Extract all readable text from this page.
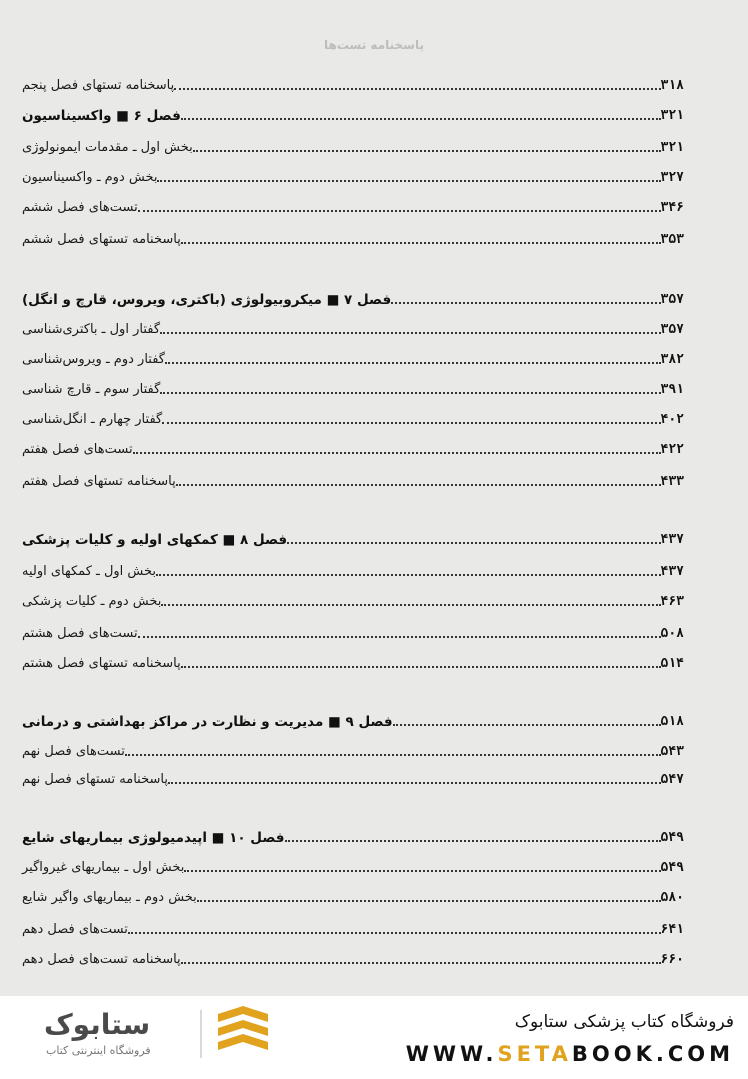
پاسخنامه تست‌ها
پاسخنامه تستهای فصل پنجم	۳۱۸
فصل ۶ ■ واکسیناسیون	۳۲۱
بخش اول ـ مقدمات ایمونولوژی	۳۲۱
بخش دوم ـ واکسیناسیون	۳۲۷
تست‌های فصل ششم	۳۴۶
پاسخنامه تستهای فصل ششم	۳۵۳
فصل ۷ ■ میکروبیولوژی (باکتری، ویروس، قارچ و انگل)	۳۵۷
گفتار اول ـ باکتری‌شناسی	۳۵۷
گفتار دوم ـ ویروس‌شناسی	۳۸۲
گفتار سوم ـ قارچ شناسی	۳۹۱
گفتار چهارم ـ انگل‌شناسی	۴۰۲
تست‌های فصل هفتم	۴۲۲
پاسخنامه تستهای فصل هفتم	۴۳۳
فصل ۸ ■ کمکهای اولیه و کلیات پزشکی	۴۳۷
بخش اول ـ کمکهای اولیه	۴۳۷
بخش دوم ـ کلیات پزشکی	۴۶۳
تست‌های فصل هشتم	۵۰۸
پاسخنامه تستهای فصل هشتم	۵۱۴
فصل ۹ ■ مدیریت و نظارت در مراکز بهداشتی و درمانی	۵۱۸
تست‌های فصل نهم	۵۴۳
پاسخنامه تستهای فصل نهم	۵۴۷
فصل ۱۰ ■ اپیدمیولوژی بیماریهای شایع	۵۴۹
بخش اول ـ بیماریهای غیرواگیر	۵۴۹
بخش دوم ـ بیماریهای واگیر شایع	۵۸۰
تست‌های فصل دهم	۶۴۱
پاسخنامه تست‌های فصل دهم	۶۶۰
فروشگاه کتاب پزشکی ستابوک
WWW.SETABOOK.COM
ستابوک
فروشگاه اینترنتی کتاب
